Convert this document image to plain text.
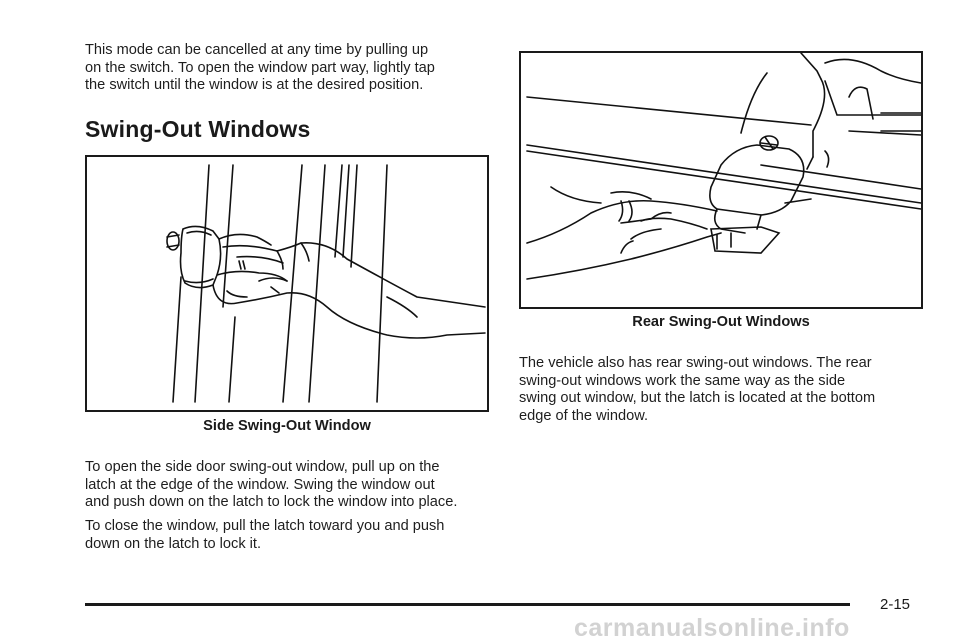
This mode can be cancelled at any time by pulling up
on the switch. To open the window part way, lightly tap
the switch until the window is at the desired position.
Swing-Out Windows
Side Swing-Out Window
To open the side door swing-out window, pull up on the
latch at the edge of the window. Swing the window out
and push down on the latch to lock the window into place.
To close the window, pull the latch toward you and push
down on the latch to lock it.
Rear Swing-Out Windows
The vehicle also has rear swing-out windows. The rear
swing-out windows work the same way as the side
swing out window, but the latch is located at the bottom
edge of the window.
2-15
carmanualsonline.info
